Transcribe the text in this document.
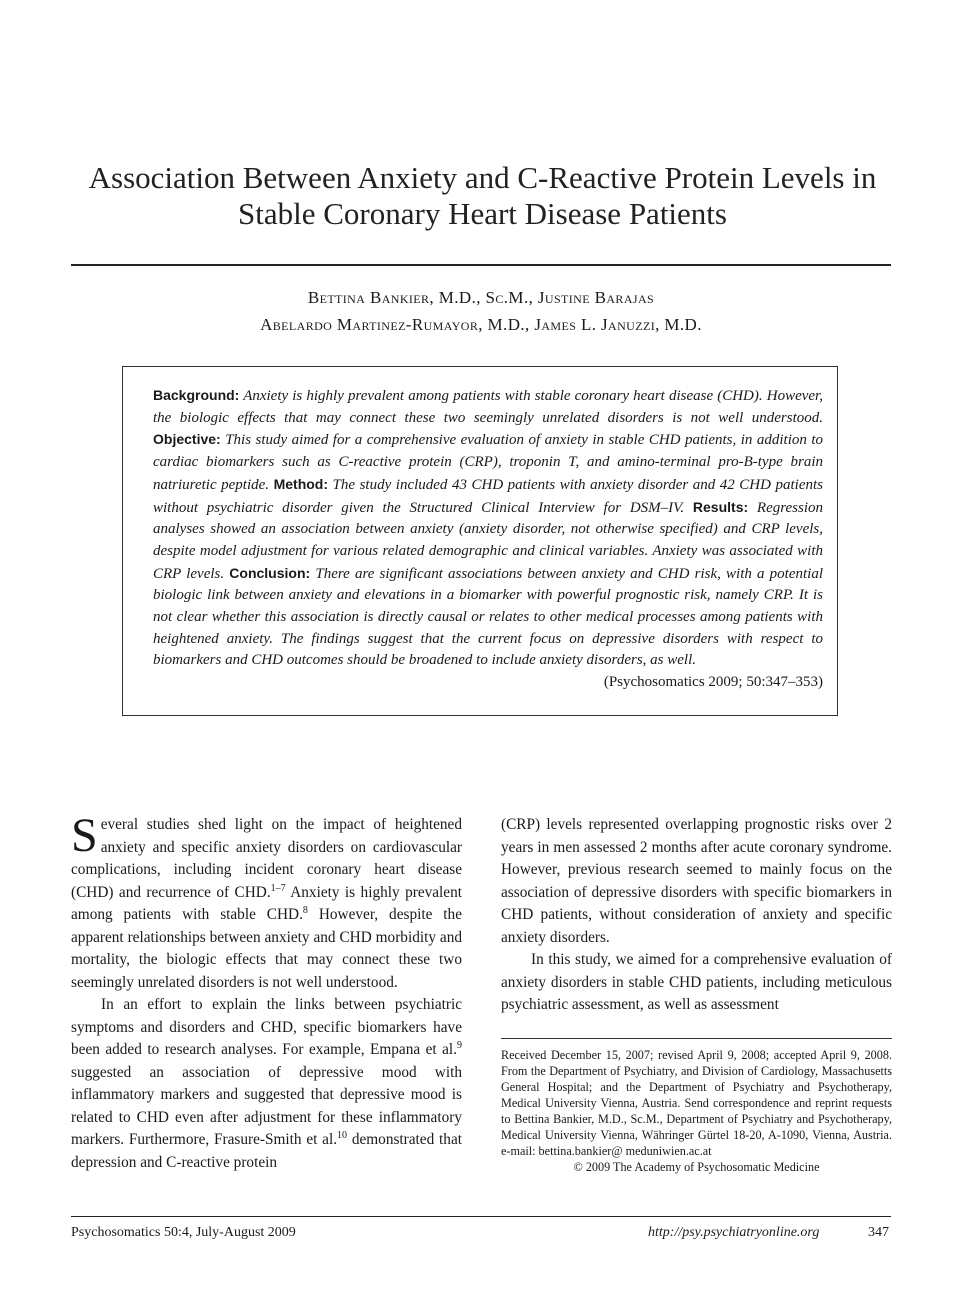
Association Between Anxiety and C-Reactive Protein Levels in Stable Coronary Heart Disease Patients
Bettina Bankier, M.D., Sc.M., Justine Barajas
Abelardo Martinez-Rumayor, M.D., James L. Januzzi, M.D.
Background: Anxiety is highly prevalent among patients with stable coronary heart disease (CHD). However, the biologic effects that may connect these two seemingly unrelated disorders is not well understood. Objective: This study aimed for a comprehensive evaluation of anxiety in stable CHD patients, in addition to cardiac biomarkers such as C-reactive protein (CRP), troponin T, and amino-terminal pro-B-type brain natriuretic peptide. Method: The study included 43 CHD patients with anxiety disorder and 42 CHD patients without psychiatric disorder given the Structured Clinical Interview for DSM–IV. Results: Regression analyses showed an association between anxiety (anxiety disorder, not otherwise specified) and CRP levels, despite model adjustment for various related demographic and clinical variables. Anxiety was associated with CRP levels. Conclusion: There are significant associations between anxiety and CHD risk, with a potential biologic link between anxiety and elevations in a biomarker with powerful prognostic risk, namely CRP. It is not clear whether this association is directly causal or relates to other medical processes among patients with heightened anxiety. The findings suggest that the current focus on depressive disorders with respect to biomarkers and CHD outcomes should be broadened to include anxiety disorders, as well.
(Psychosomatics 2009; 50:347–353)

Several studies shed light on the impact of heightened anxiety and specific anxiety disorders on cardiovascular complications, including incident coronary heart disease (CHD) and recurrence of CHD.$^{1-7}$ Anxiety is highly prevalent among patients with stable CHD.$^8$ However, despite the apparent relationships between anxiety and CHD morbidity and mortality, the biologic effects that may connect these two seemingly unrelated disorders is not well understood.

In an effort to explain the links between psychiatric symptoms and disorders and CHD, specific biomarkers have been added to research analyses. For example, Empana et al.$^9$ suggested an association of depressive mood with inflammatory markers and suggested that depressive mood is related to CHD even after adjustment for these inflammatory markers. Furthermore, Frasure-Smith et al.$^{10}$ demonstrated that depression and C-reactive protein

(CRP) levels represented overlapping prognostic risks over 2 years in men assessed 2 months after acute coronary syndrome. However, previous research seemed to mainly focus on the association of depressive disorders with specific biomarkers in CHD patients, without consideration of anxiety and specific anxiety disorders.

In this study, we aimed for a comprehensive evaluation of anxiety disorders in stable CHD patients, including meticulous psychiatric assessment, as well as assessment

Received December 15, 2007; revised April 9, 2008; accepted April 9, 2008. From the Department of Psychiatry, and Division of Cardiology, Massachusetts General Hospital; and the Department of Psychiatry and Psychotherapy, Medical University Vienna, Austria. Send correspondence and reprint requests to Bettina Bankier, M.D., Sc.M., Department of Psychiatry and Psychotherapy, Medical University Vienna, Währinger Gürtel 18-20, A-1090, Vienna, Austria. e-mail: bettina.bankier@ meduniwien.ac.at

© 2009 The Academy of Psychosomatic Medicine

Psychosomatics 50:4, July-August 2009	http://psy.psychiatryonline.org	347
